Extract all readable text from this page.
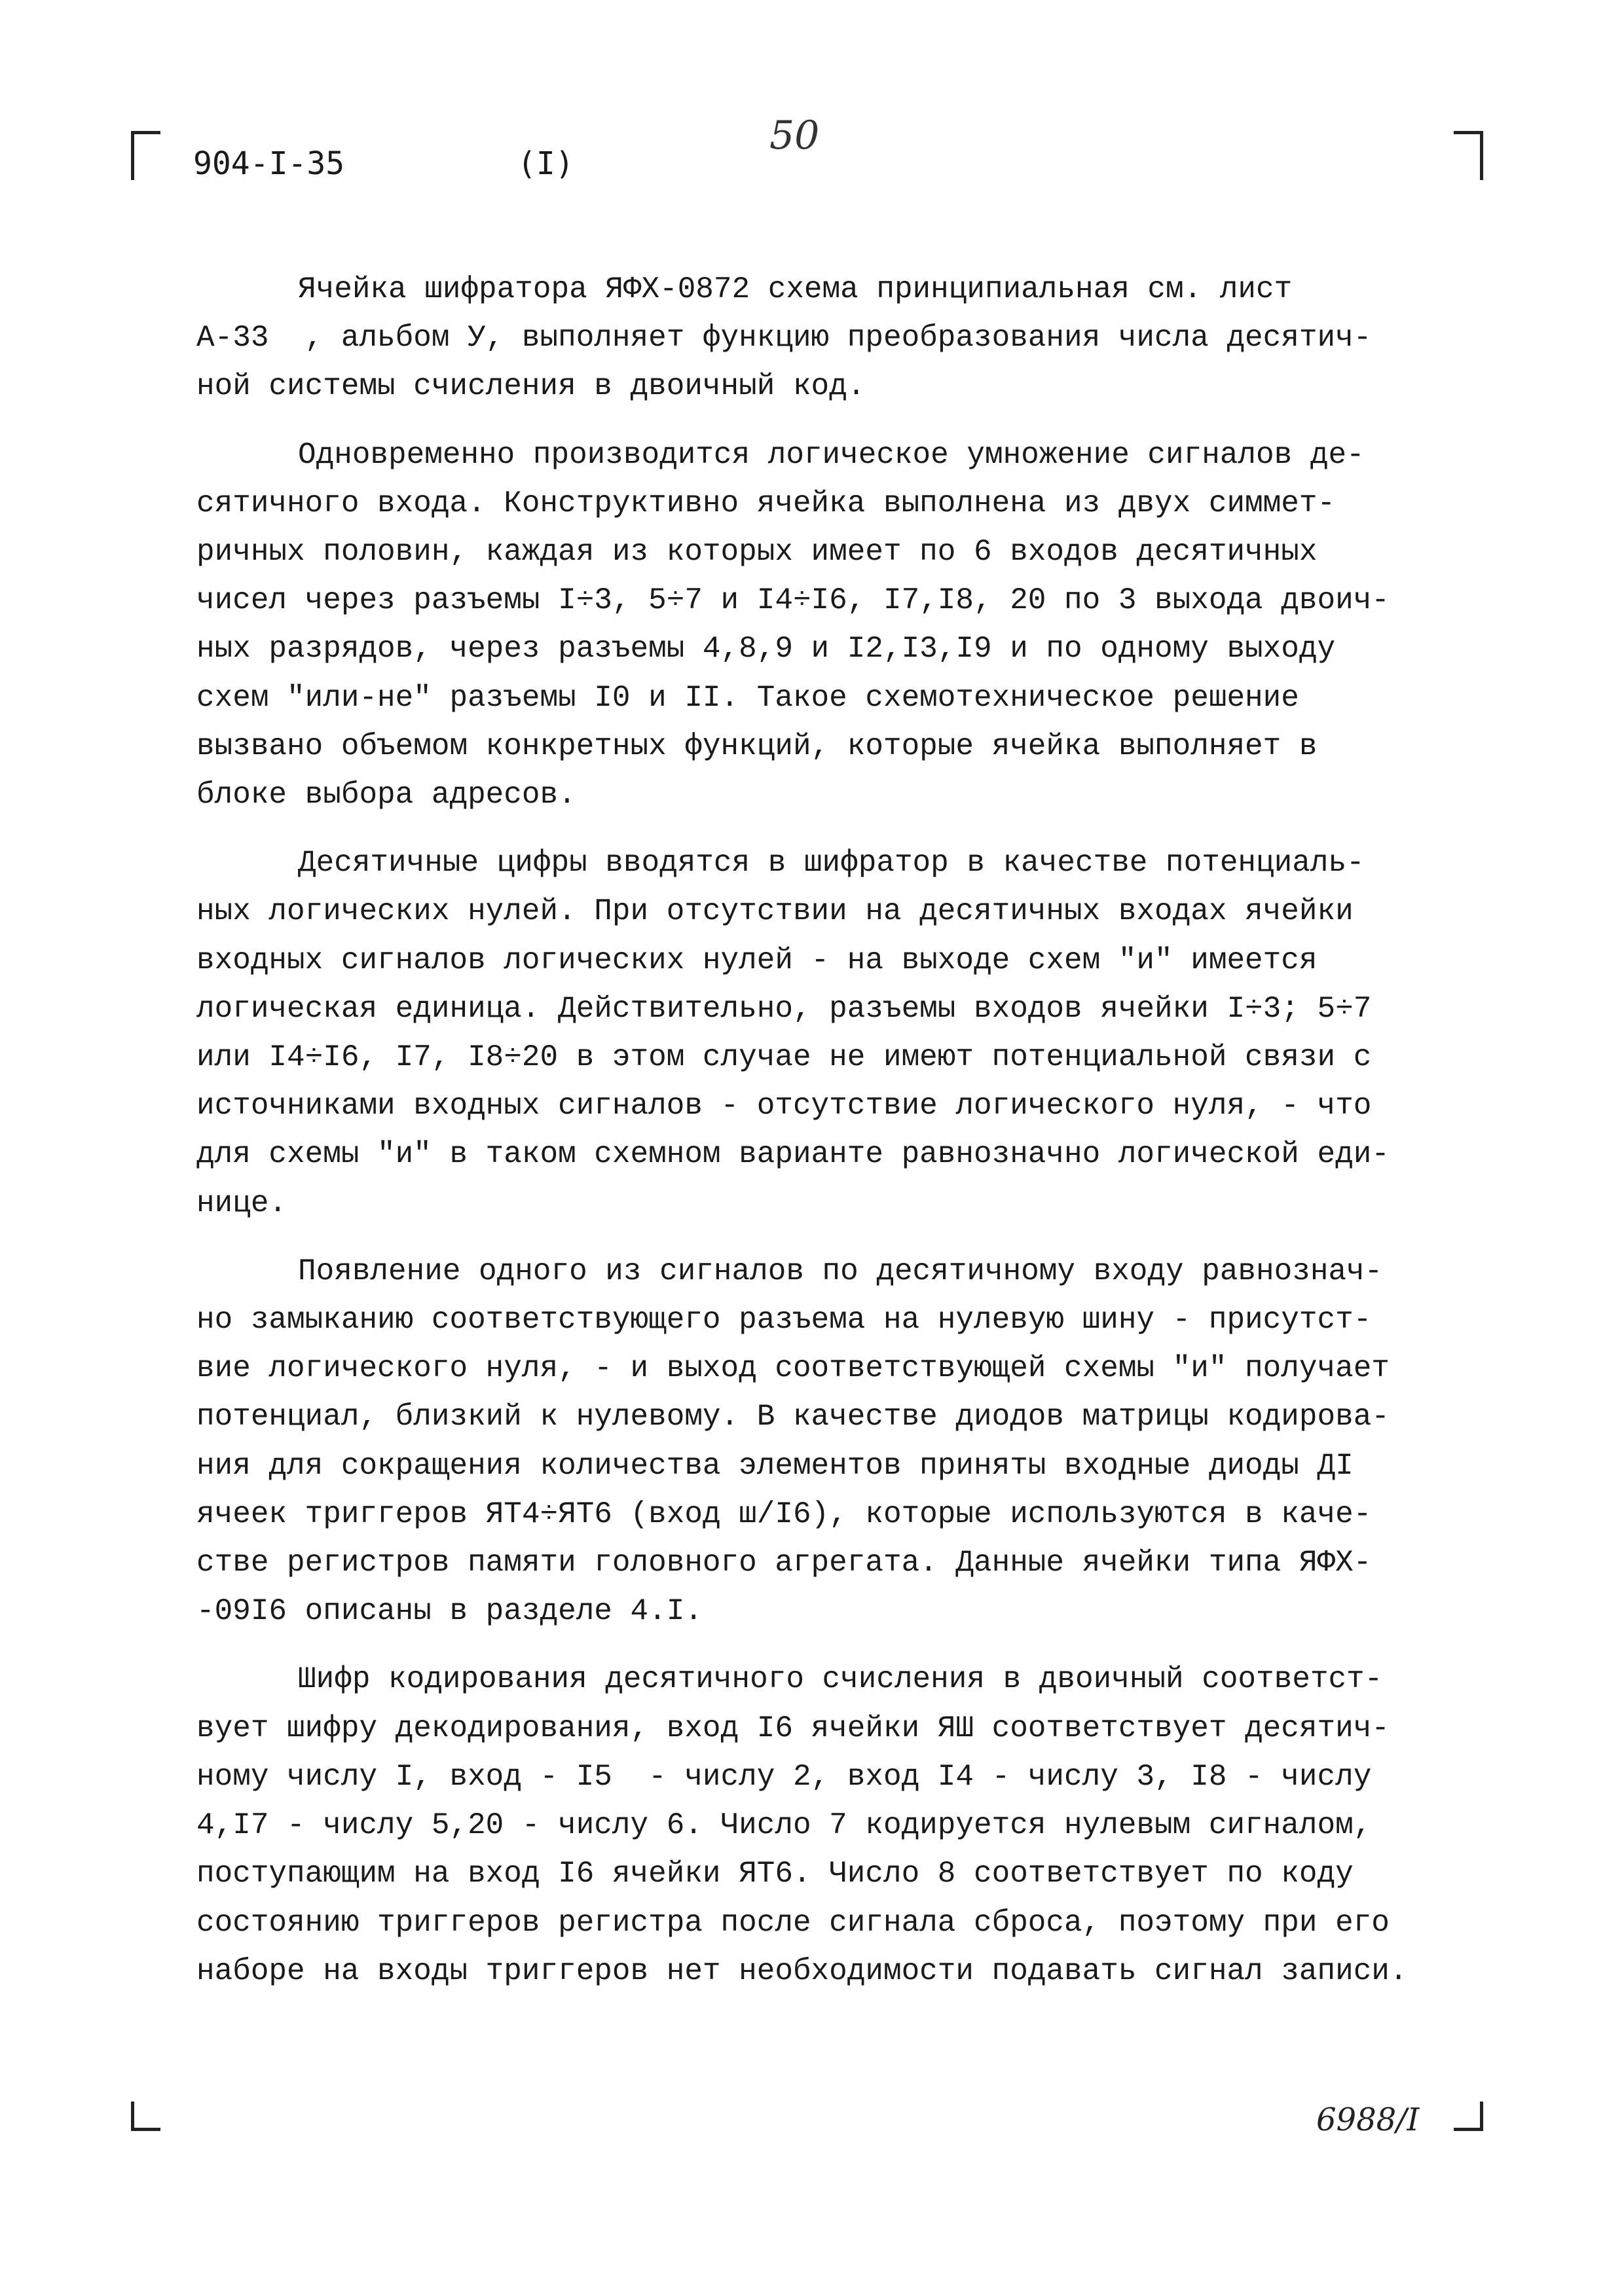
904-I-35	(I)
50
Ячейка шифратора ЯФХ-0872 схема принципиальная см. лист
А-33  , альбом У, выполняет функцию преобразования числа десятич-
ной системы счисления в двоичный код.
Одновременно производится логическое умножение сигналов де-
сятичного входа. Конструктивно ячейка выполнена из двух симмет-
ричных половин, каждая из которых имеет по 6 входов десятичных
чисел через разъемы I÷3, 5÷7 и I4÷I6, I7,I8, 20 по 3 выхода двоич-
ных разрядов, через разъемы 4,8,9 и I2,I3,I9 и по одному выходу
схем "или-не" разъемы I0 и II. Такое схемотехническое решение
вызвано объемом конкретных функций, которые ячейка выполняет в
блоке выбора адресов.
Десятичные цифры вводятся в шифратор в качестве потенциаль-
ных логических нулей. При отсутствии на десятичных входах ячейки
входных сигналов логических нулей - на выходе схем "и" имеется
логическая единица. Действительно, разъемы входов ячейки I÷3; 5÷7
или I4÷I6, I7, I8÷20 в этом случае не имеют потенциальной связи с
источниками входных сигналов - отсутствие логического нуля, - что
для схемы "и" в таком схемном варианте равнозначно логической еди-
нице.
Появление одного из сигналов по десятичному входу равнознач-
но замыканию соответствующего разъема на нулевую шину - присутст-
вие логического нуля, - и выход соответствующей схемы "и" получает
потенциал, близкий к нулевому. В качестве диодов матрицы кодирова-
ния для сокращения количества элементов приняты входные диоды ДI
ячеек триггеров ЯТ4÷ЯТ6 (вход ш/I6), которые используются в каче-
стве регистров памяти головного агрегата. Данные ячейки типа ЯФХ-
-09I6 описаны в разделе 4.I.
Шифр кодирования десятичного счисления в двоичный соответст-
вует шифру декодирования, вход I6 ячейки ЯШ соответствует десятич-
ному числу I, вход - I5  - числу 2, вход I4 - числу 3, I8 - числу
4,I7 - числу 5,20 - числу 6. Число 7 кодируется нулевым сигналом,
поступающим на вход I6 ячейки ЯТ6. Число 8 соответствует по коду
состоянию триггеров регистра после сигнала сброса, поэтому при его
наборе на входы триггеров нет необходимости подавать сигнал записи.
6988/I
